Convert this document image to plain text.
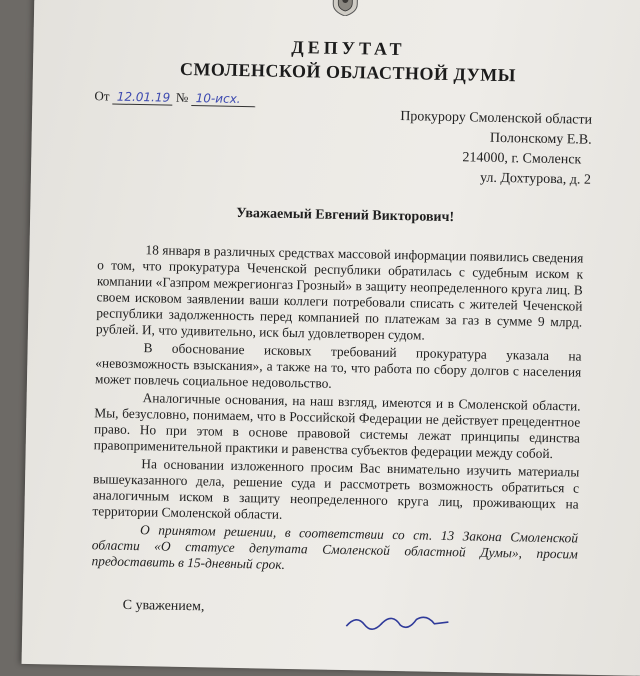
ДЕПУТАТ
СМОЛЕНСКОЙ ОБЛАСТНОЙ ДУМЫ
От 12.01.19 № 10-исх.
Прокурору Смоленской области
Полонскому Е.В.
214000, г. Смоленск
ул. Дохтурова, д. 2
Уважаемый Евгений Викторович!

18 января в различных средствах массовой информации появились сведения о том, что прокуратура Чеченской республики обратилась с судебным иском к компании «Газпром межрегионгаз Грозный» в защиту неопределенного круга лиц. В своем исковом заявлении ваши коллеги потребовали списать с жителей Чеченской республики задолженность перед компанией по платежам за газ в сумме 9 млрд. рублей. И, что удивительно, иск был удовлетворен судом.

В обоснование исковых требований прокуратура указала на «невозможность взыскания», а также на то, что работа по сбору долгов с населения может повлечь социальное недовольство.

Аналогичные основания, на наш взгляд, имеются и в Смоленской области. Мы, безусловно, понимаем, что в Российской Федерации не действует прецедентное право. Но при этом в основе правовой системы лежат принципы единства правоприменительной практики и равенства субъектов федерации между собой.

На основании изложенного просим Вас внимательно изучить материалы вышеуказанного дела, решение суда и рассмотреть возможность обратиться с аналогичным иском в защиту неопределенного круга лиц, проживающих на территории Смоленской области.

О принятом решении, в соответствии со ст. 13 Закона Смоленской области «О статусе депутата Смоленской областной Думы», просим предоставить в 15-дневный срок.

С уважением,
